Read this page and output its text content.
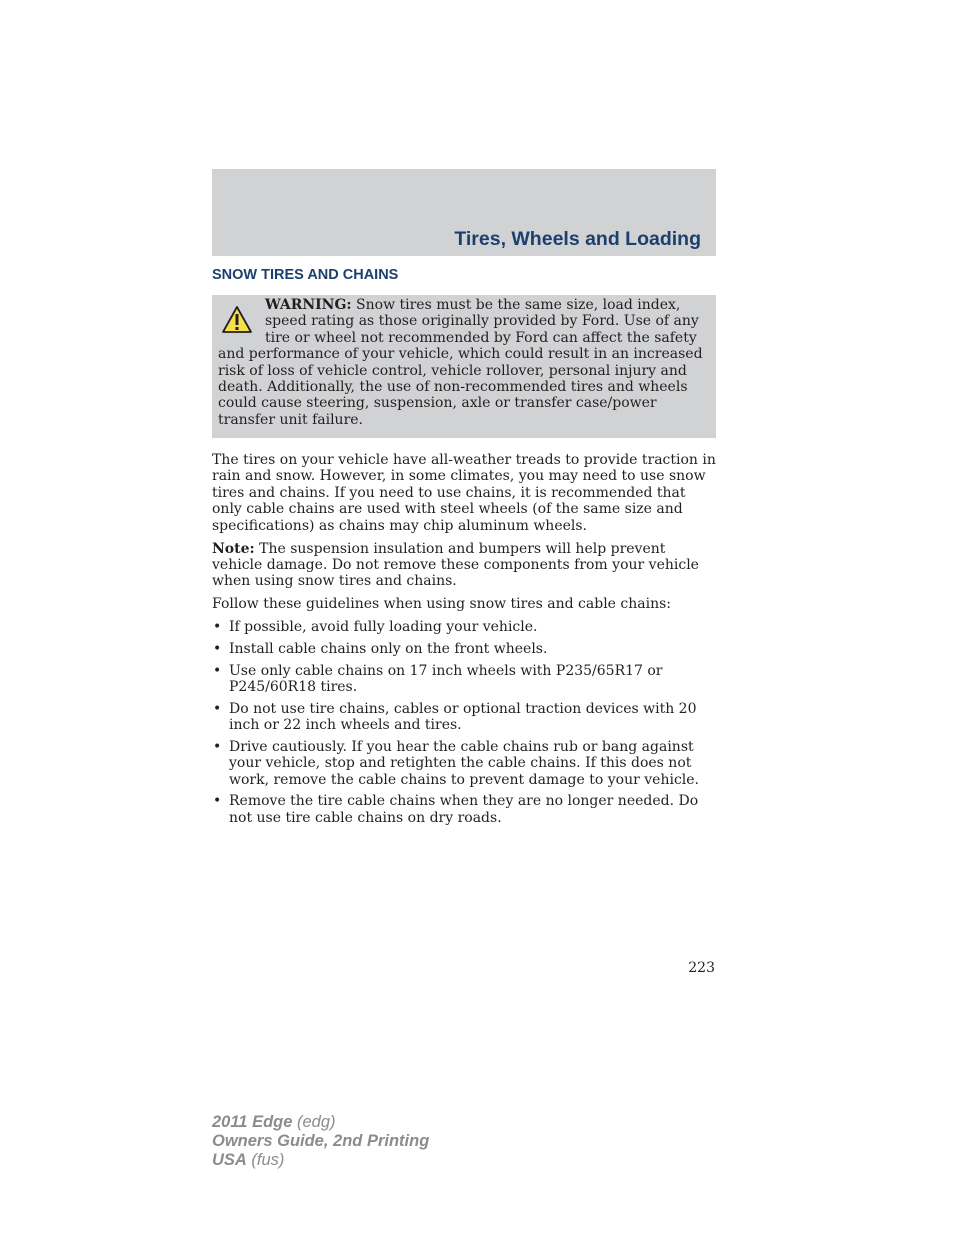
Tires, Wheels and Loading
SNOW TIRES AND CHAINS
WARNING: Snow tires must be the same size, load index, speed rating as those originally provided by Ford. Use of any tire or wheel not recommended by Ford can affect the safety and performance of your vehicle, which could result in an increased risk of loss of vehicle control, vehicle rollover, personal injury and death. Additionally, the use of non-recommended tires and wheels could cause steering, suspension, axle or transfer case/power transfer unit failure.

The tires on your vehicle have all-weather treads to provide traction in rain and snow. However, in some climates, you may need to use snow tires and chains. If you need to use chains, it is recommended that only cable chains are used with steel wheels (of the same size and specifications) as chains may chip aluminum wheels.

Note: The suspension insulation and bumpers will help prevent vehicle damage. Do not remove these components from your vehicle when using snow tires and chains.

Follow these guidelines when using snow tires and cable chains:

• If possible, avoid fully loading your vehicle.
• Install cable chains only on the front wheels.
• Use only cable chains on 17 inch wheels with P235/65R17 or P245/60R18 tires.
• Do not use tire chains, cables or optional traction devices with 20 inch or 22 inch wheels and tires.
• Drive cautiously. If you hear the cable chains rub or bang against your vehicle, stop and retighten the cable chains. If this does not work, remove the cable chains to prevent damage to your vehicle.
• Remove the tire cable chains when they are no longer needed. Do not use tire cable chains on dry roads.
223
2011 Edge (edg)
Owners Guide, 2nd Printing
USA (fus)
